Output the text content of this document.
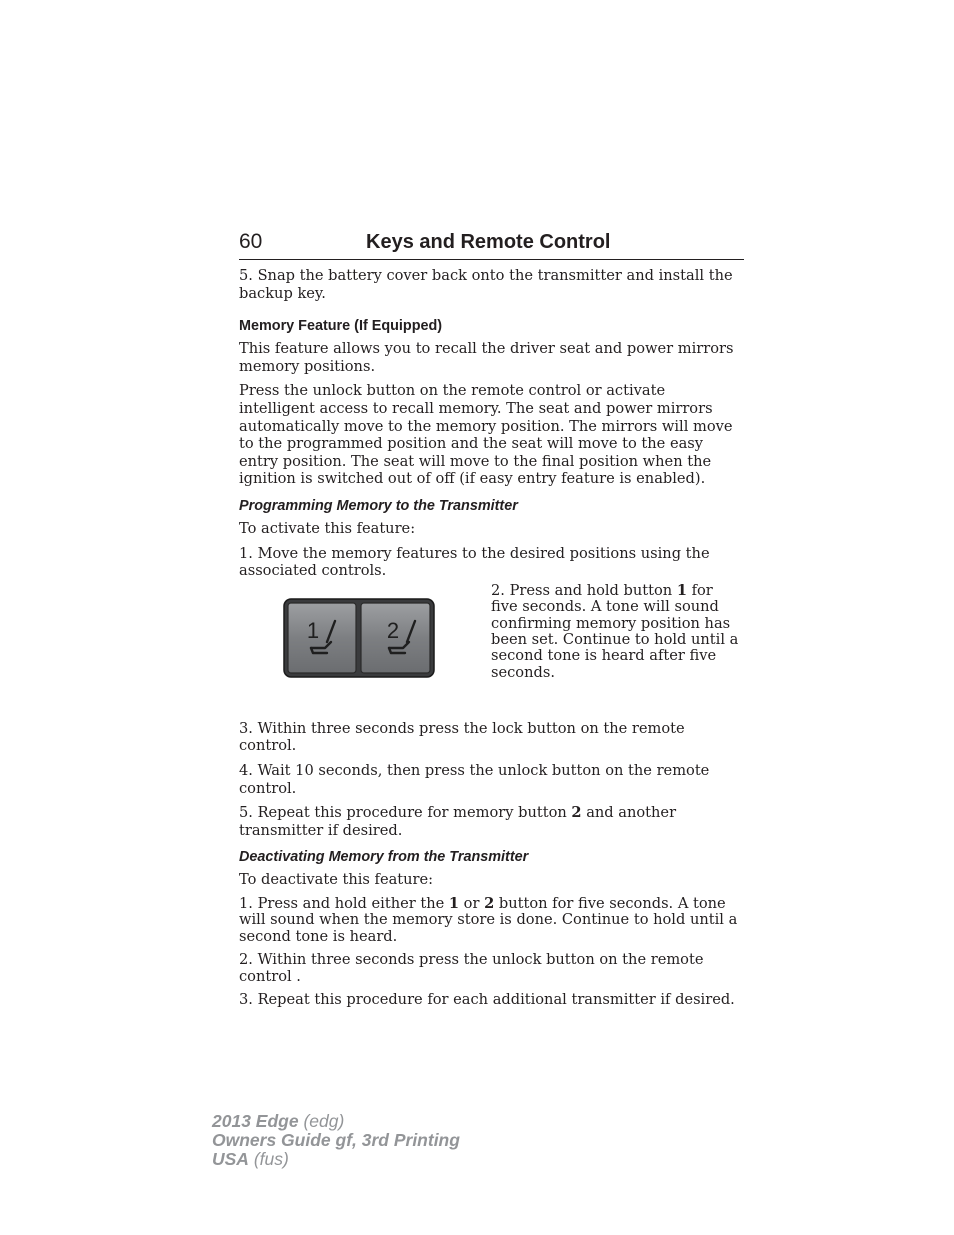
60	Keys and Remote Control

5. Snap the battery cover back onto the transmitter and install the backup key.

Memory Feature (If Equipped)

This feature allows you to recall the driver seat and power mirrors memory positions.

Press the unlock button on the remote control or activate intelligent access to recall memory. The seat and power mirrors automatically move to the memory position. The mirrors will move to the programmed position and the seat will move to the easy entry position. The seat will move to the final position when the ignition is switched out of off (if easy entry feature is enabled).

Programming Memory to the Transmitter

To activate this feature:

1. Move the memory features to the desired positions using the associated controls.

1	2

2. Press and hold button 1 for five seconds. A tone will sound confirming memory position has been set. Continue to hold until a second tone is heard after five seconds.

3. Within three seconds press the lock button on the remote control.

4. Wait 10 seconds, then press the unlock button on the remote control.

5. Repeat this procedure for memory button 2 and another transmitter if desired.

Deactivating Memory from the Transmitter

To deactivate this feature:

1. Press and hold either the 1 or 2 button for five seconds. A tone will sound when the memory store is done. Continue to hold until a second tone is heard.

2. Within three seconds press the unlock button on the remote control .

3. Repeat this procedure for each additional transmitter if desired.

2013 Edge (edg)
Owners Guide gf, 3rd Printing
USA (fus)
